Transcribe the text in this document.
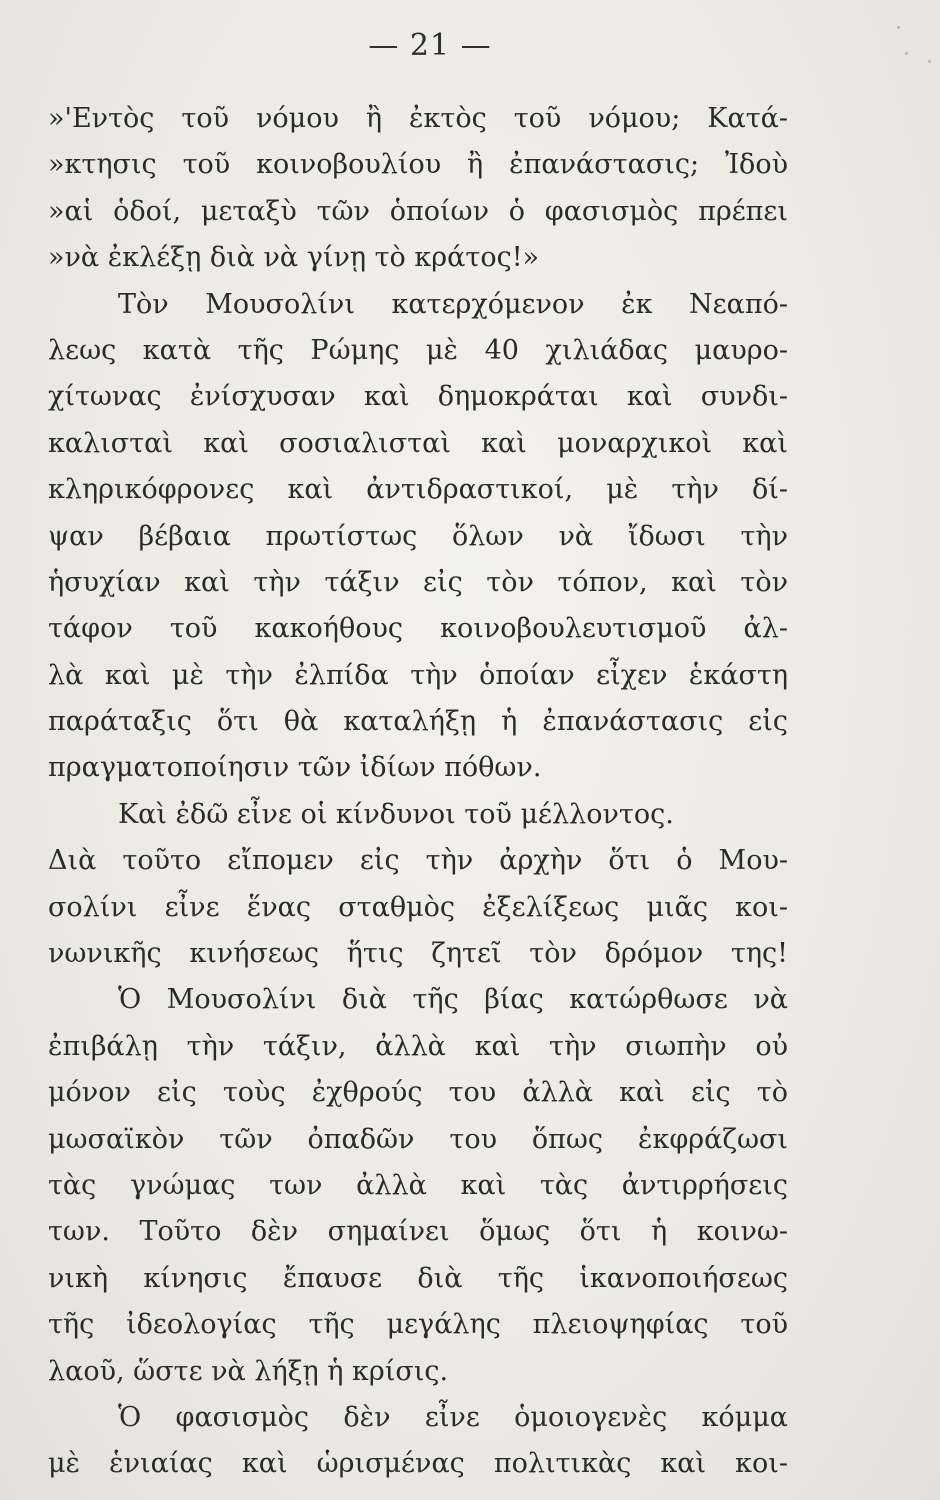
— 21 —
»'Εντὸς τοῦ νόμου ἢ ἐκτὸς τοῦ νόμου; Κατά-
»κτησις τοῦ κοινοβουλίου ἢ ἐπανάστασις; Ἰδοὺ
»αἱ ὁδοί, μεταξὺ τῶν ὁποίων ὁ φασισμὸς πρέπει
»νὰ ἐκλέξῃ διὰ νὰ γίνῃ τὸ κράτος!»
Τὸν Μουσολίνι κατερχόμενον ἐκ Νεαπό-
λεως κατὰ τῆς Ρώμης μὲ 40 χιλιάδας μαυρο-
χίτωνας ἐνίσχυσαν καὶ δημοκράται καὶ συνδι-
καλισταὶ καὶ σοσιαλισταὶ καὶ μοναρχικοὶ καὶ
κληρικόφρονες καὶ ἀντιδραστικοί, μὲ τὴν δί-
ψαν βέβαια πρωτίστως ὅλων νὰ ἴδωσι τὴν
ἡσυχίαν καὶ τὴν τάξιν εἰς τὸν τόπον, καὶ τὸν
τάφον τοῦ κακοήθους κοινοβουλευτισμοῦ ἀλ-
λὰ καὶ μὲ τὴν ἐλπίδα τὴν ὁποίαν εἶχεν ἑκάστη
παράταξις ὅτι θὰ καταλήξῃ ἡ ἐπανάστασις εἰς
πραγματοποίησιν τῶν ἰδίων πόθων.
Καὶ ἐδῶ εἶνε οἱ κίνδυνοι τοῦ μέλλοντος.
Διὰ τοῦτο εἴπομεν εἰς τὴν ἀρχὴν ὅτι ὁ Μου-
σολίνι εἶνε ἕνας σταθμὸς ἐξελίξεως μιᾶς κοι-
νωνικῆς κινήσεως ἥτις ζητεῖ τὸν δρόμον της!
Ὁ Μουσολίνι διὰ τῆς βίας κατώρθωσε νὰ
ἐπιβάλῃ τὴν τάξιν, ἀλλὰ καὶ τὴν σιωπὴν οὐ
μόνον εἰς τοὺς ἐχθρούς του ἀλλὰ καὶ εἰς τὸ
μωσαϊκὸν τῶν ὀπαδῶν του ὅπως ἐκφράζωσι
τὰς γνώμας των ἀλλὰ καὶ τὰς ἀντιρρήσεις
των. Τοῦτο δὲν σημαίνει ὅμως ὅτι ἡ κοινω-
νικὴ κίνησις ἔπαυσε διὰ τῆς ἱκανοποιήσεως
τῆς ἰδεολογίας τῆς μεγάλης πλειοψηφίας τοῦ
λαοῦ, ὥστε νὰ λήξῃ ἡ κρίσις.
Ὁ φασισμὸς δὲν εἶνε ὁμοιογενὲς κόμμα
μὲ ἑνιαίας καὶ ὡρισμένας πολιτικὰς καὶ κοι-
